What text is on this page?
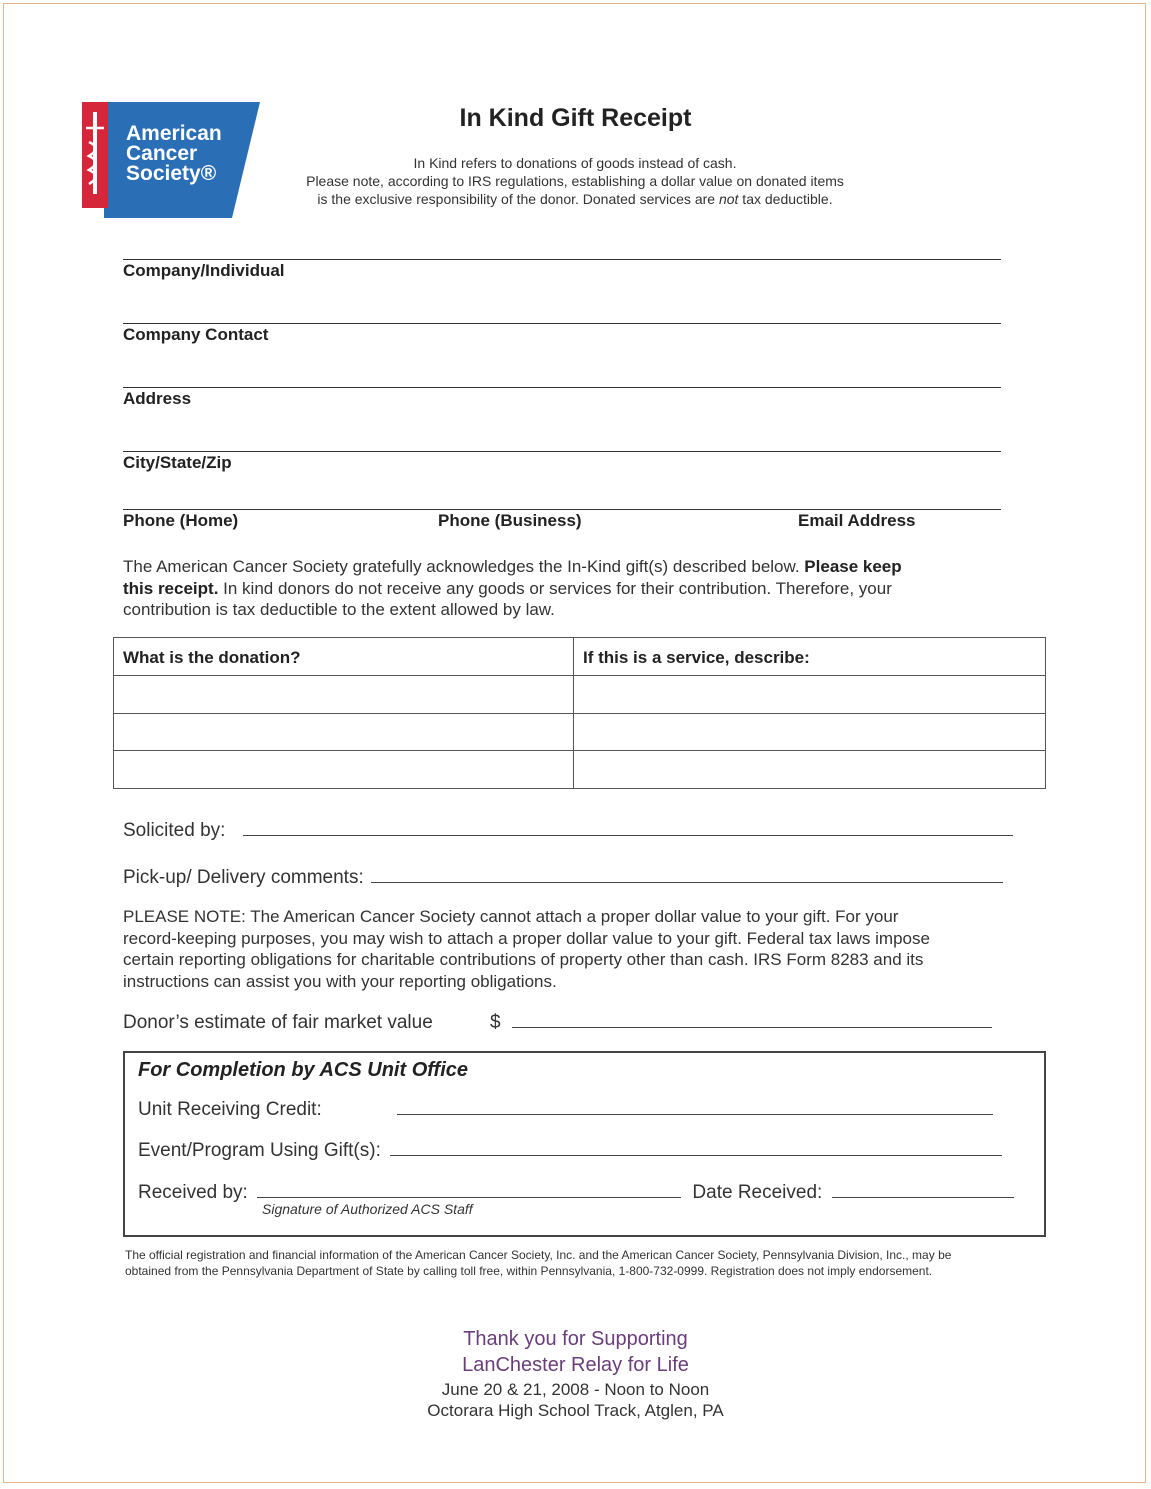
American
Cancer
Society®
In Kind Gift Receipt
In Kind refers to donations of goods instead of cash.
Please note, according to IRS regulations, establishing a dollar value on donated items
is the exclusive responsibility of the donor. Donated services are not tax deductible.
Company/Individual
Company Contact
Address
City/State/Zip
Phone (Home)	Phone (Business)	Email Address
The American Cancer Society gratefully acknowledges the In-Kind gift(s) described below. Please keep
this receipt. In kind donors do not receive any goods or services for their contribution. Therefore, your
contribution is tax deductible to the extent allowed by law.
What is the donation?	If this is a service, describe:
Solicited by:
Pick-up/ Delivery comments:
PLEASE NOTE: The American Cancer Society cannot attach a proper dollar value to your gift. For your
record-keeping purposes, you may wish to attach a proper dollar value to your gift. Federal tax laws impose
certain reporting obligations for charitable contributions of property other than cash. IRS Form 8283 and its
instructions can assist you with your reporting obligations.
Donor’s estimate of fair market value	$
For Completion by ACS Unit Office
Unit Receiving Credit:
Event/Program Using Gift(s):
Received by:	Date Received:
Signature of Authorized ACS Staff
The official registration and financial information of the American Cancer Society, Inc. and the American Cancer Society, Pennsylvania Division, Inc., may be
obtained from the Pennsylvania Department of State by calling toll free, within Pennsylvania, 1-800-732-0999. Registration does not imply endorsement.
Thank you for Supporting
LanChester Relay for Life
June 20 & 21, 2008 - Noon to Noon
Octorara High School Track, Atglen, PA
